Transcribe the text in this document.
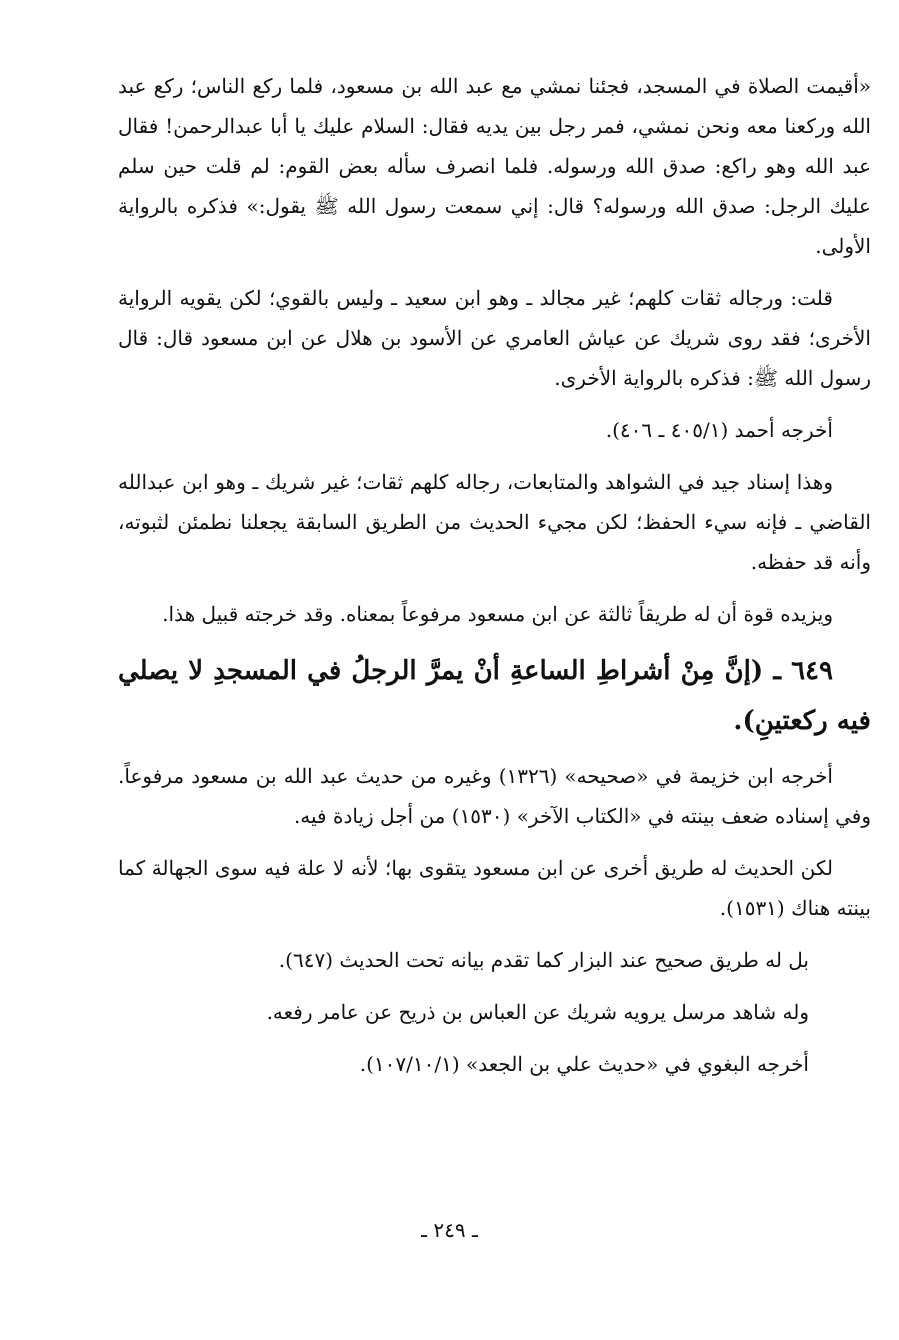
«أقيمت الصلاة في المسجد، فجئنا نمشي مع عبد الله بن مسعود، فلما ركع الناس؛ ركع عبد الله وركعنا معه ونحن نمشي، فمر رجل بين يديه فقال: السلام عليك يا أبا عبدالرحمن! فقال عبد الله وهو راكع: صدق الله ورسوله. فلما انصرف سأله بعض القوم: لم قلت حين سلم عليك الرجل: صدق الله ورسوله؟ قال: إني سمعت رسول الله ﷺ يقول:» فذكره بالرواية الأولى.

قلت: ورجاله ثقات كلهم؛ غير مجالد ـ وهو ابن سعيد ـ وليس بالقوي؛ لكن يقويه الرواية الأخرى؛ فقد روى شريك عن عياش العامري عن الأسود بن هلال عن ابن مسعود قال: قال رسول الله ﷺ: فذكره بالرواية الأخرى.

أخرجه أحمد (٤٠٥/١ ـ ٤٠٦).

وهذا إسناد جيد في الشواهد والمتابعات، رجاله كلهم ثقات؛ غير شريك ـ وهو ابن عبدالله القاضي ـ فإنه سيء الحفظ؛ لكن مجيء الحديث من الطريق السابقة يجعلنا نطمئن لثبوته، وأنه قد حفظه.

ويزيده قوة أن له طريقاً ثالثة عن ابن مسعود مرفوعاً بمعناه. وقد خرجته قبيل هذا.

٦٤٩ ـ (إنَّ مِنْ أشراطِ الساعةِ أنْ يمرَّ الرجلُ في المسجدِ لا يصلي فيه ركعتينِ).

أخرجه ابن خزيمة في «صحيحه» (١٣٢٦) وغيره من حديث عبد الله بن مسعود مرفوعاً. وفي إسناده ضعف بينته في «الكتاب الآخر» (١٥٣٠) من أجل زيادة فيه.

لكن الحديث له طريق أخرى عن ابن مسعود يتقوى بها؛ لأنه لا علة فيه سوى الجهالة كما بينته هناك (١٥٣١).

بل له طريق صحيح عند البزار كما تقدم بيانه تحت الحديث (٦٤٧).

وله شاهد مرسل يرويه شريك عن العباس بن ذريح عن عامر رفعه.

أخرجه البغوي في «حديث علي بن الجعد» (١٠٧/١٠/١).

ـ ٢٤٩ ـ
